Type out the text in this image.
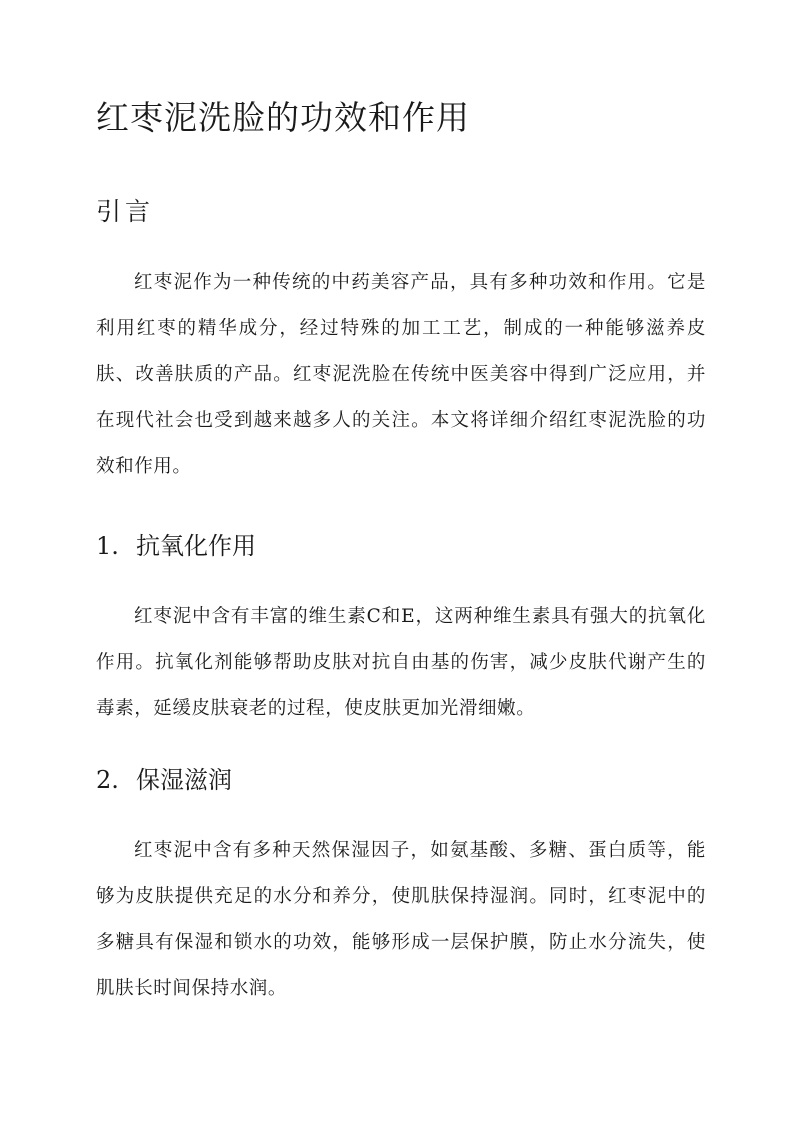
红枣泥洗脸的功效和作用
引言

红枣泥作为一种传统的中药美容产品，具有多种功效和作用。它是利用红枣的精华成分，经过特殊的加工工艺，制成的一种能够滋养皮肤、改善肤质的产品。红枣泥洗脸在传统中医美容中得到广泛应用，并在现代社会也受到越来越多人的关注。本文将详细介绍红枣泥洗脸的功效和作用。

1. 抗氧化作用

红枣泥中含有丰富的维生素C和E，这两种维生素具有强大的抗氧化作用。抗氧化剂能够帮助皮肤对抗自由基的伤害，减少皮肤代谢产生的毒素，延缓皮肤衰老的过程，使皮肤更加光滑细嫩。

2. 保湿滋润

红枣泥中含有多种天然保湿因子，如氨基酸、多糖、蛋白质等，能够为皮肤提供充足的水分和养分，使肌肤保持湿润。同时，红枣泥中的多糖具有保湿和锁水的功效，能够形成一层保护膜，防止水分流失，使肌肤长时间保持水润。
